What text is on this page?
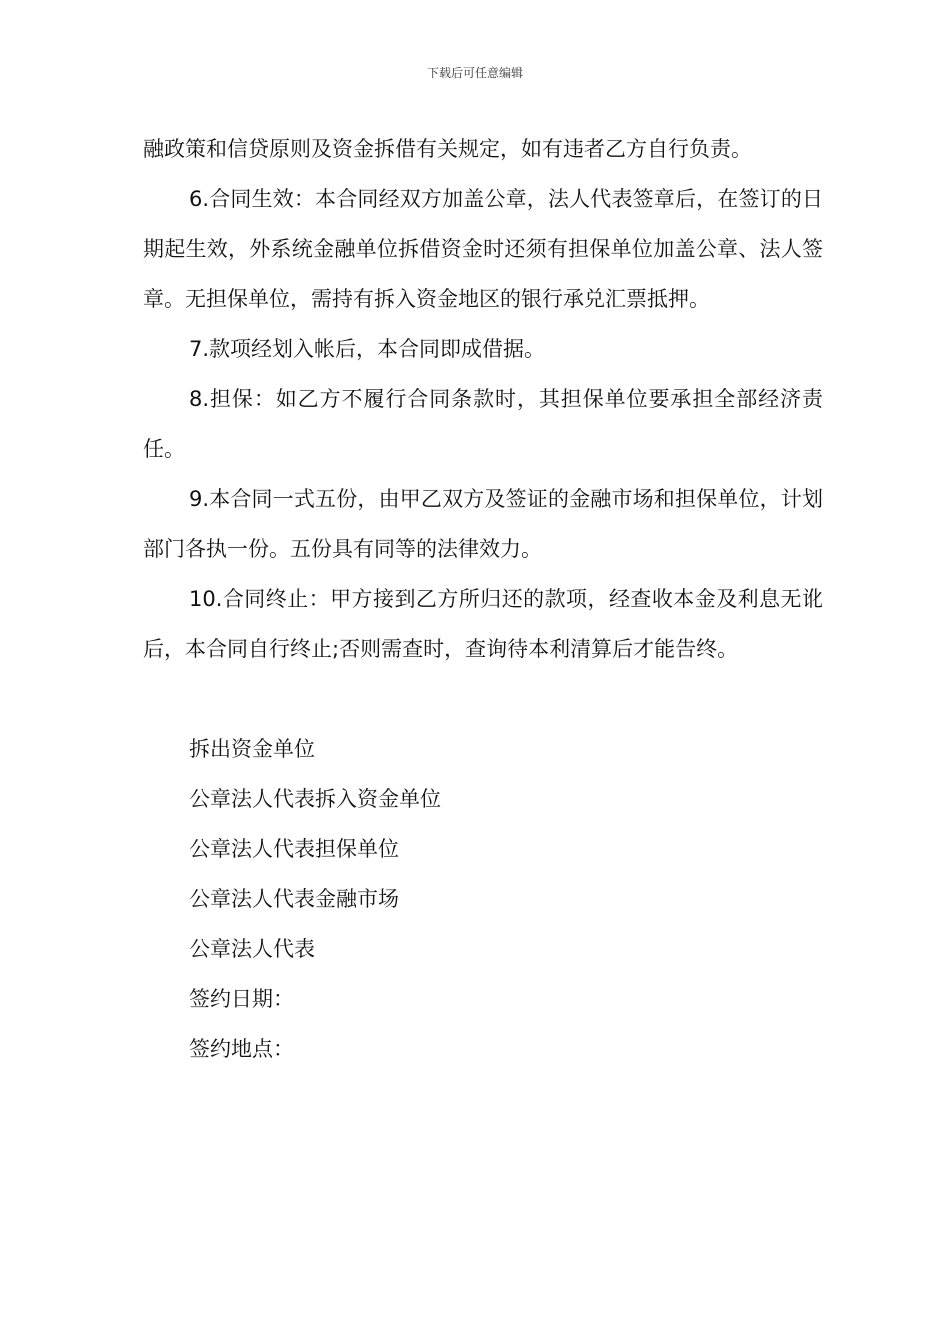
下载后可任意编辑

融政策和信贷原则及资金拆借有关规定，如有违者乙方自行负责。

6.合同生效：本合同经双方加盖公章，法人代表签章后，在签订的日期起生效，外系统金融单位拆借资金时还须有担保单位加盖公章、法人签章。无担保单位，需持有拆入资金地区的银行承兑汇票抵押。

7.款项经划入帐后，本合同即成借据。

8.担保：如乙方不履行合同条款时，其担保单位要承担全部经济责任。

9.本合同一式五份，由甲乙双方及签证的金融市场和担保单位，计划部门各执一份。五份具有同等的法律效力。

10.合同终止：甲方接到乙方所归还的款项，经查收本金及利息无讹后，本合同自行终止;否则需查时，查询待本利清算后才能告终。

拆出资金单位

公章法人代表拆入资金单位

公章法人代表担保单位

公章法人代表金融市场

公章法人代表

签约日期：

签约地点：
